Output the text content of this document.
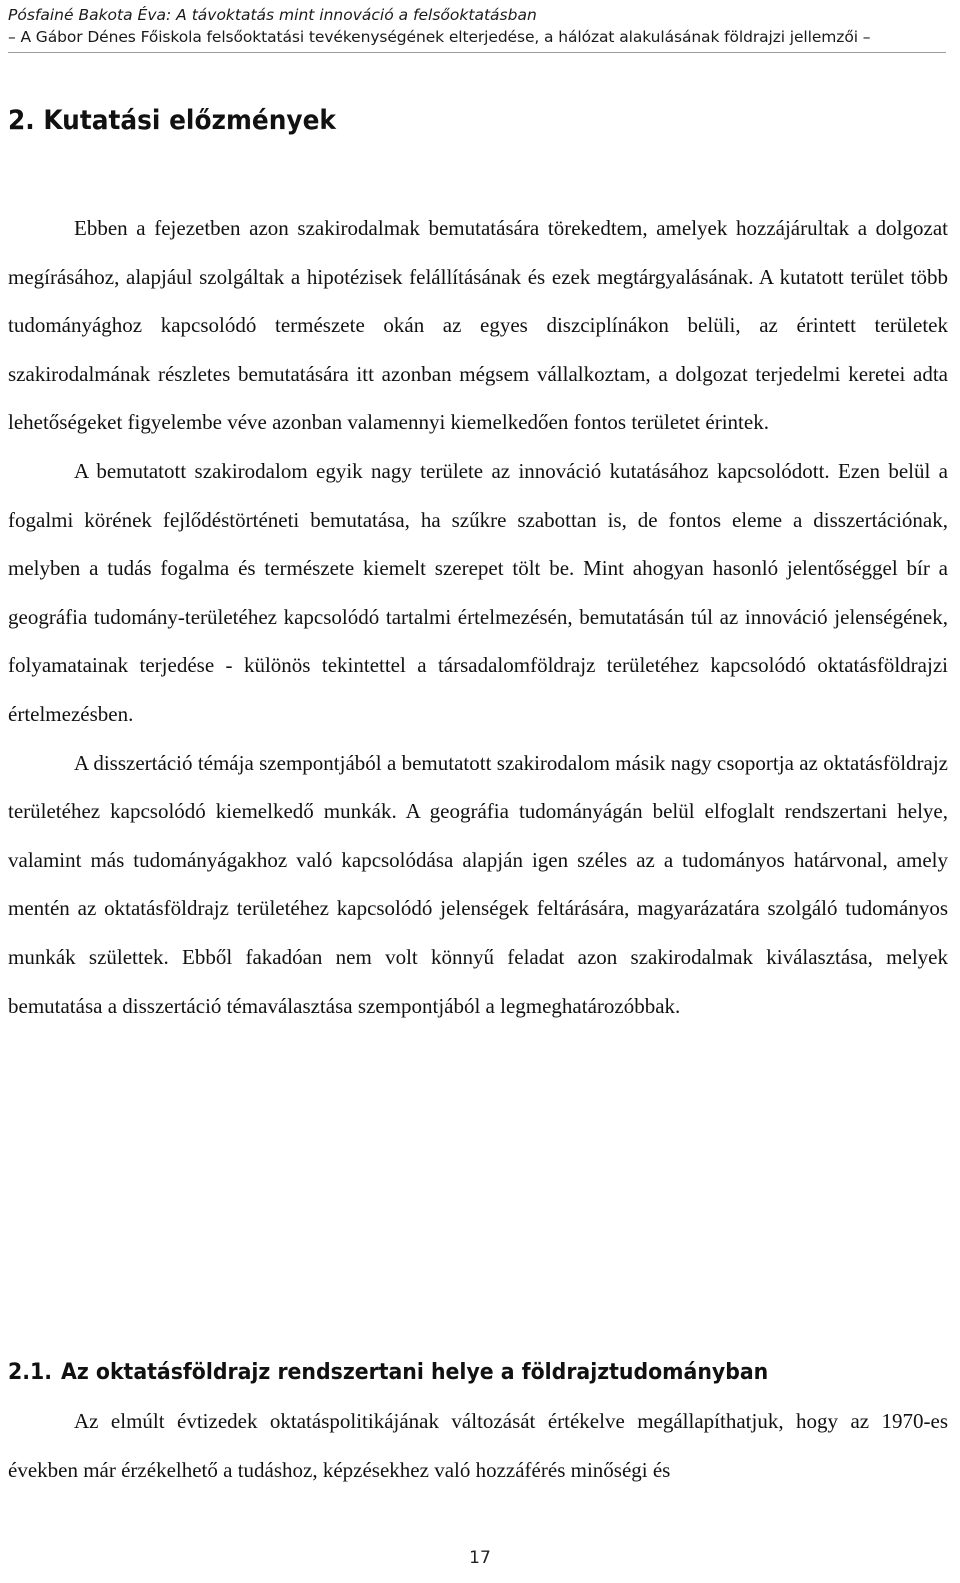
Pósfainé Bakota Éva: A távoktatás mint innováció a felsőoktatásban
– A Gábor Dénes Főiskola felsőoktatási tevékenységének elterjedése, a hálózat alakulásának földrajzi jellemzői –
2. Kutatási előzmények

Ebben a fejezetben azon szakirodalmak bemutatására törekedtem, amelyek hozzájárultak a dolgozat megírásához, alapjául szolgáltak a hipotézisek felállításának és ezek megtárgyalásának. A kutatott terület több tudományághoz kapcsolódó természete okán az egyes diszciplínákon belüli, az érintett területek szakirodalmának részletes bemutatására itt azonban mégsem vállalkoztam, a dolgozat terjedelmi keretei adta lehetőségeket figyelembe véve azonban valamennyi kiemelkedően fontos területet érintek.

A bemutatott szakirodalom egyik nagy területe az innováció kutatásához kapcsolódott. Ezen belül a fogalmi körének fejlődéstörténeti bemutatása, ha szűkre szabottan is, de fontos eleme a disszertációnak, melyben a tudás fogalma és természete kiemelt szerepet tölt be. Mint ahogyan hasonló jelentőséggel bír a geográfia tudomány-területéhez kapcsolódó tartalmi értelmezésén, bemutatásán túl az innováció jelenségének, folyamatainak terjedése - különös tekintettel a társadalomföldrajz területéhez kapcsolódó oktatásföldrajzi értelmezésben.

A disszertáció témája szempontjából a bemutatott szakirodalom másik nagy csoportja az oktatásföldrajz területéhez kapcsolódó kiemelkedő munkák. A geográfia tudományágán belül elfoglalt rendszertani helye, valamint más tudományágakhoz való kapcsolódása alapján igen széles az a tudományos határvonal, amely mentén az oktatásföldrajz területéhez kapcsolódó jelenségek feltárására, magyarázatára szolgáló tudományos munkák születtek. Ebből fakadóan nem volt könnyű feladat azon szakirodalmak kiválasztása, melyek bemutatása a disszertáció témaválasztása szempontjából a legmeghatározóbbak.

2.1. Az oktatásföldrajz rendszertani helye a földrajztudományban

Az elmúlt évtizedek oktatáspolitikájának változását értékelve megállapíthatjuk, hogy az 1970-es években már érzékelhető a tudáshoz, képzésekhez való hozzáférés minőségi és

17
